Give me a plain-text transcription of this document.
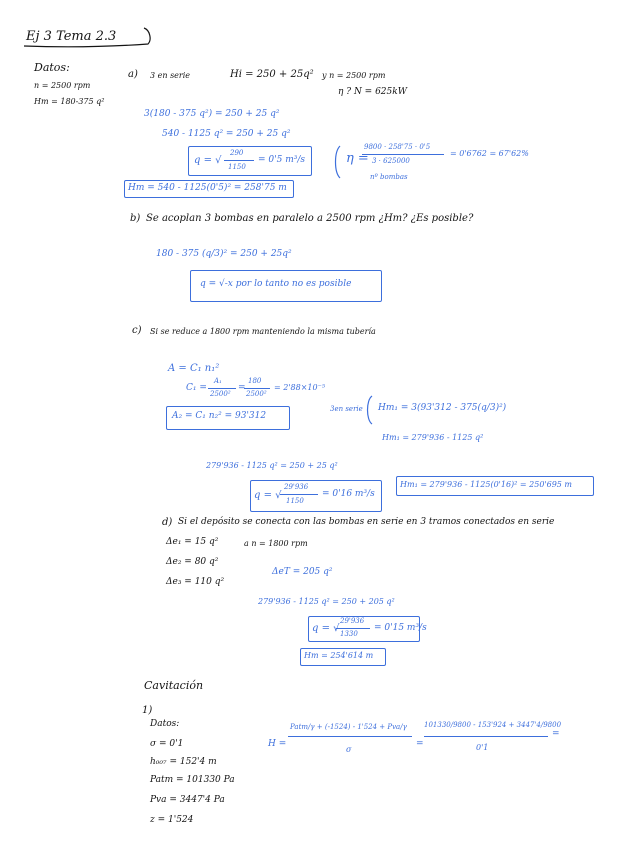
Ej 3 Tema 2.3
Datos:
n = 2500 rpm
Hm = 180-375 q²
a) 3 en serie	Hi = 250 + 25q² y n = 2500 rpm
η ? N = 625kW
3(180 - 375 q²) = 250 + 25 q²
540 - 1125 q² = 250 + 25 q²
q = √
290
1150
= 0'5 m³/s
Hm = 540 - 1125(0'5)² = 258'75 m
η =
9800 · 258'75 · 0'5
3 · 625000
= 0'6762 = 67'62%
nº bombas
b) Se acoplan 3 bombas en paralelo a 2500 rpm ¿Hm? ¿Es posible?
180 - 375 (q/3)² = 250 + 25q²
q = √-x por lo tanto no es posible
c) Si se reduce a 1800 rpm manteniendo la misma tubería
A = C₁ n₁²
C₁ =
A₁
2500²
=
180
2500²
= 2'88×10⁻⁵
A₂ = C₁ n₂² = 93'312
3en serie Hm₁ = 3(93'312 - 375(q/3)²)
Hm₁ = 279'936 - 1125 q²
279'936 - 1125 q² = 250 + 25 q²
q = √
29'936
1150
= 0'16 m³/s
Hm₁ = 279'936 - 1125(0'16)² = 250'695 m
d) Si el depósito se conecta con las bombas en serie en 3 tramos conectados en serie
Δe₁ = 15 q²	a n = 1800 rpm
Δe₂ = 80 q²
Δe₃ = 110 q²
ΔeT = 205 q²
279'936 - 1125 q² = 250 + 205 q²
q = √
29'936
1330
= 0'15 m³/s
Hm = 254'614 m
Cavitación
1)
Datos:
σ = 0'1
h₀₀₇ = 152'4 m
Patm = 101330 Pa
Pva = 3447'4 Pa
z = 1'524
H =
Patm/γ + (-1524) - 1'524 + Pva/γ
σ
=
101330/9800 - 153'924 + 3447'4/9800
0'1
=
